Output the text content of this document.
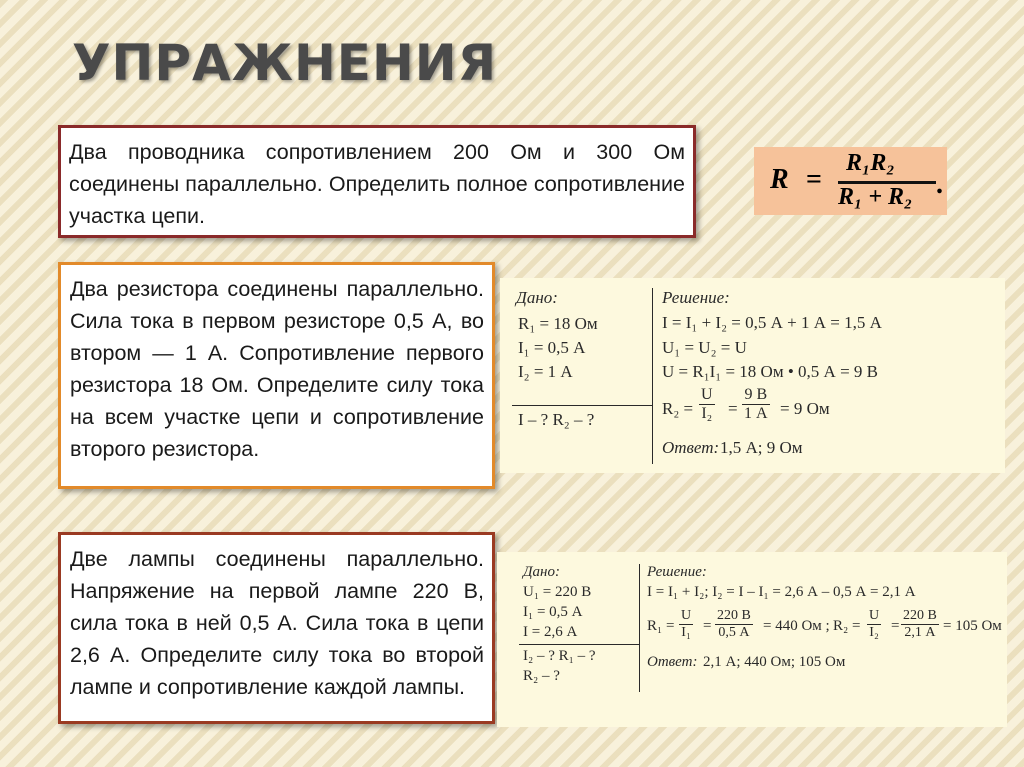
УПРАЖНЕНИЯ
Два проводника сопротивлением 200 Ом и 300 Ом соединены параллельно. Определить полное сопротивление участка цепи.
R =
R₁R₂
R₁ + R₂ .
Два резистора соединены параллельно. Сила тока в первом резисторе 0,5 А, во втором — 1 А. Сопротивление первого резистора 18 Ом. Определите силу тока на всем участке цепи и сопротивление второго резистора.
Дано:
R₁ = 18 Ом
I₁ = 0,5 А
I₂ = 1 А
I – ? R₂ – ?
Решение:
I = I₁ + I₂ = 0,5 А + 1 А = 1,5 А
U₁ = U₂ = U
U = R₁I₁ = 18 Ом • 0,5 А = 9 В
$R_2 = \frac{U}{\text{I₂}}$ =
9 В
1 А = 9 Ом
Ответ: 1,5 А; 9 Ом
Две лампы соединены параллельно. Напряжение на первой лампе 220 В, сила тока в ней 0,5 А. Сила тока в цепи 2,6 А. Определите силу тока во второй лампе и сопротивление каждой лампы.
Дано:
U₁ = 220 В
I₁ = 0,5 А
I = 2,6 А
I₂ – ? R₁ – ?
R₂ – ?
Решение:
I = I₁ + I₂; I₂ = I – I₁ = 2,6 А – 0,5 А = 2,1 А
$R_1 = \frac{U}{\text{I₁}}$ =
220 В
0,5 А = 440 Ом ; $R_2 = \frac{U}{\text{I₂}}$ =
220 В
2,1 А = 105 Ом
Ответ: 2,1 А; 440 Ом; 105 Ом
